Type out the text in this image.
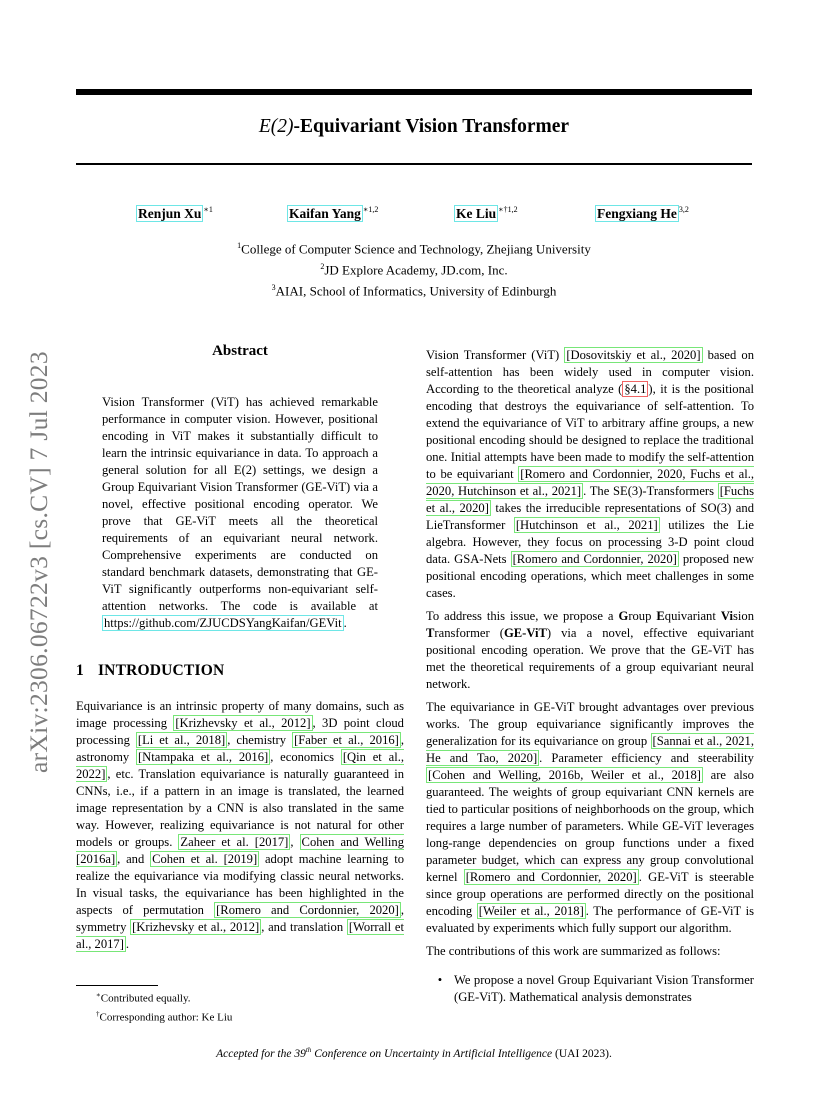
E(2)-Equivariant Vision Transformer
Renjun Xu $^{∗1}$	Kaifan Yang $^{∗1,2}$	Ke Liu $^{∗\dagger 1,2}$	Fengxiang He $^{3,2}$
$^1$College of Computer Science and Technology, Zhejiang University
$^2$JD Explore Academy, JD.com, Inc.
$^3$AIAI, School of Informatics, University of Edinburgh
arXiv:2306.06722v3 [cs.CV] 7 Jul 2023
Abstract
Vision Transformer (ViT) has achieved remarkable performance in computer vision. However, positional encoding in ViT makes it substantially difficult to learn the intrinsic equivariance in data. To approach a general solution for all E(2) settings, we design a Group Equivariant Vision Transformer (GE-ViT) via a novel, effective positional encoding operator. We prove that GE-ViT meets all the theoretical requirements of an equivariant neural network. Comprehensive experiments are conducted on standard benchmark datasets, demonstrating that GE-ViT significantly outperforms non-equivariant self-attention networks. The code is available at https://github.com/ZJUCDSYangKaifan/GEVit .
1 INTRODUCTION
Equivariance is an intrinsic property of many domains, such as image processing [Krizhevsky et al., 2012] , 3D point cloud processing [Li et al., 2018] , chemistry [Faber et al., 2016] , astronomy [Ntampaka et al., 2016] , economics [Qin et al., 2022] , etc. Translation equivariance is naturally guaranteed in CNNs, i.e., if a pattern in an image is translated, the learned image representation by a CNN is also translated in the same way. However, realizing equivariance is not natural for other models or groups. Zaheer et al. [2017] , Cohen and Welling [2016a] , and Cohen et al. [2019] adopt machine learning to realize the equivariance via modifying classic neural networks. In visual tasks, the equivariance has been highlighted in the aspects of permutation [Romero and Cordonnier, 2020] , symmetry [Krizhevsky et al., 2012] , and translation [Worrall et al., 2017] .
Vision Transformer (ViT) [Dosovitskiy et al., 2020] based on self-attention has been widely used in computer vision. According to the theoretical analyze ( §4.1 ), it is the positional encoding that destroys the equivariance of self-attention. To extend the equivariance of ViT to arbitrary affine groups, a new positional encoding should be designed to replace the traditional one. Initial attempts have been made to modify the self-attention to be equivariant [Romero and Cordonnier, 2020, Fuchs et al., 2020, Hutchinson et al., 2021] . The SE(3)-Transformers [Fuchs et al., 2020] takes the irreducible representations of SO(3) and LieTransformer [Hutchinson et al., 2021] utilizes the Lie algebra. However, they focus on processing 3-D point cloud data. GSA-Nets [Romero and Cordonnier, 2020] proposed new positional encoding operations, which meet challenges in some cases.
To address this issue, we propose a Group Equivariant Vision Transformer (GE-ViT) via a novel, effective equivariant positional encoding operation. We prove that the GE-ViT has met the theoretical requirements of a group equivariant neural network.
The equivariance in GE-ViT brought advantages over previous works. The group equivariance significantly improves the generalization for its equivariance on group [Sannai et al., 2021, He and Tao, 2020] . Parameter efficiency and steerability [Cohen and Welling, 2016b, Weiler et al., 2018] are also guaranteed. The weights of group equivariant CNN kernels are tied to particular positions of neighborhoods on the group, which requires a large number of parameters. While GE-ViT leverages long-range dependencies on group functions under a fixed parameter budget, which can express any group convolutional kernel [Romero and Cordonnier, 2020] . GE-ViT is steerable since group operations are performed directly on the positional encoding [Weiler et al., 2018] . The performance of GE-ViT is evaluated by experiments which fully support our algorithm.
The contributions of this work are summarized as follows:
• We propose a novel Group Equivariant Vision Transformer (GE-ViT). Mathematical analysis demonstrates
∗Contributed equally.
†Corresponding author: Ke Liu
Accepted for the 39th Conference on Uncertainty in Artificial Intelligence (UAI 2023).
